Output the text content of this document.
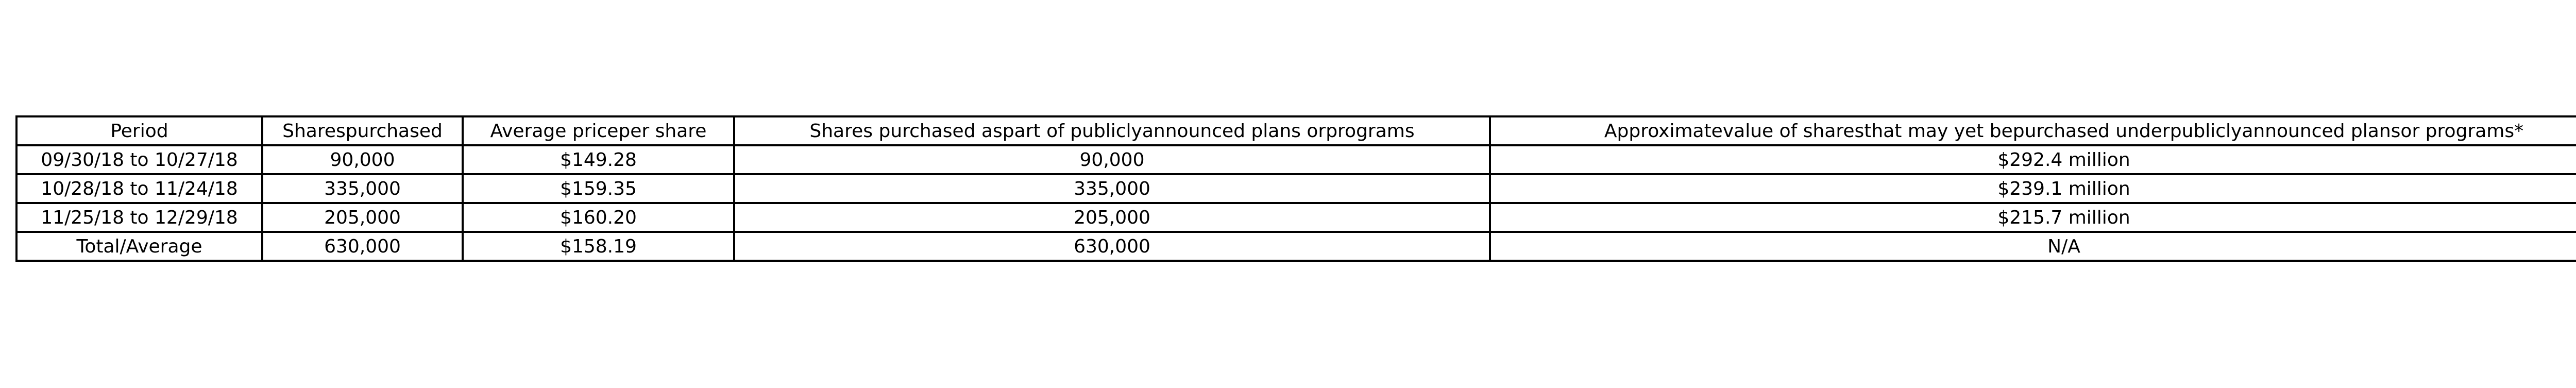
Period	Sharespurchased	Average priceper share	Shares purchased aspart of publiclyannounced plans orprograms	Approximatevalue of sharesthat may yet bepurchased underpubliclyannounced plansor programs*
09/30/18 to 10/27/18	90,000	$149.28	90,000	$292.4 million
10/28/18 to 11/24/18	335,000	$159.35	335,000	$239.1 million
11/25/18 to 12/29/18	205,000	$160.20	205,000	$215.7 million
Total/Average	630,000	$158.19	630,000	N/A
